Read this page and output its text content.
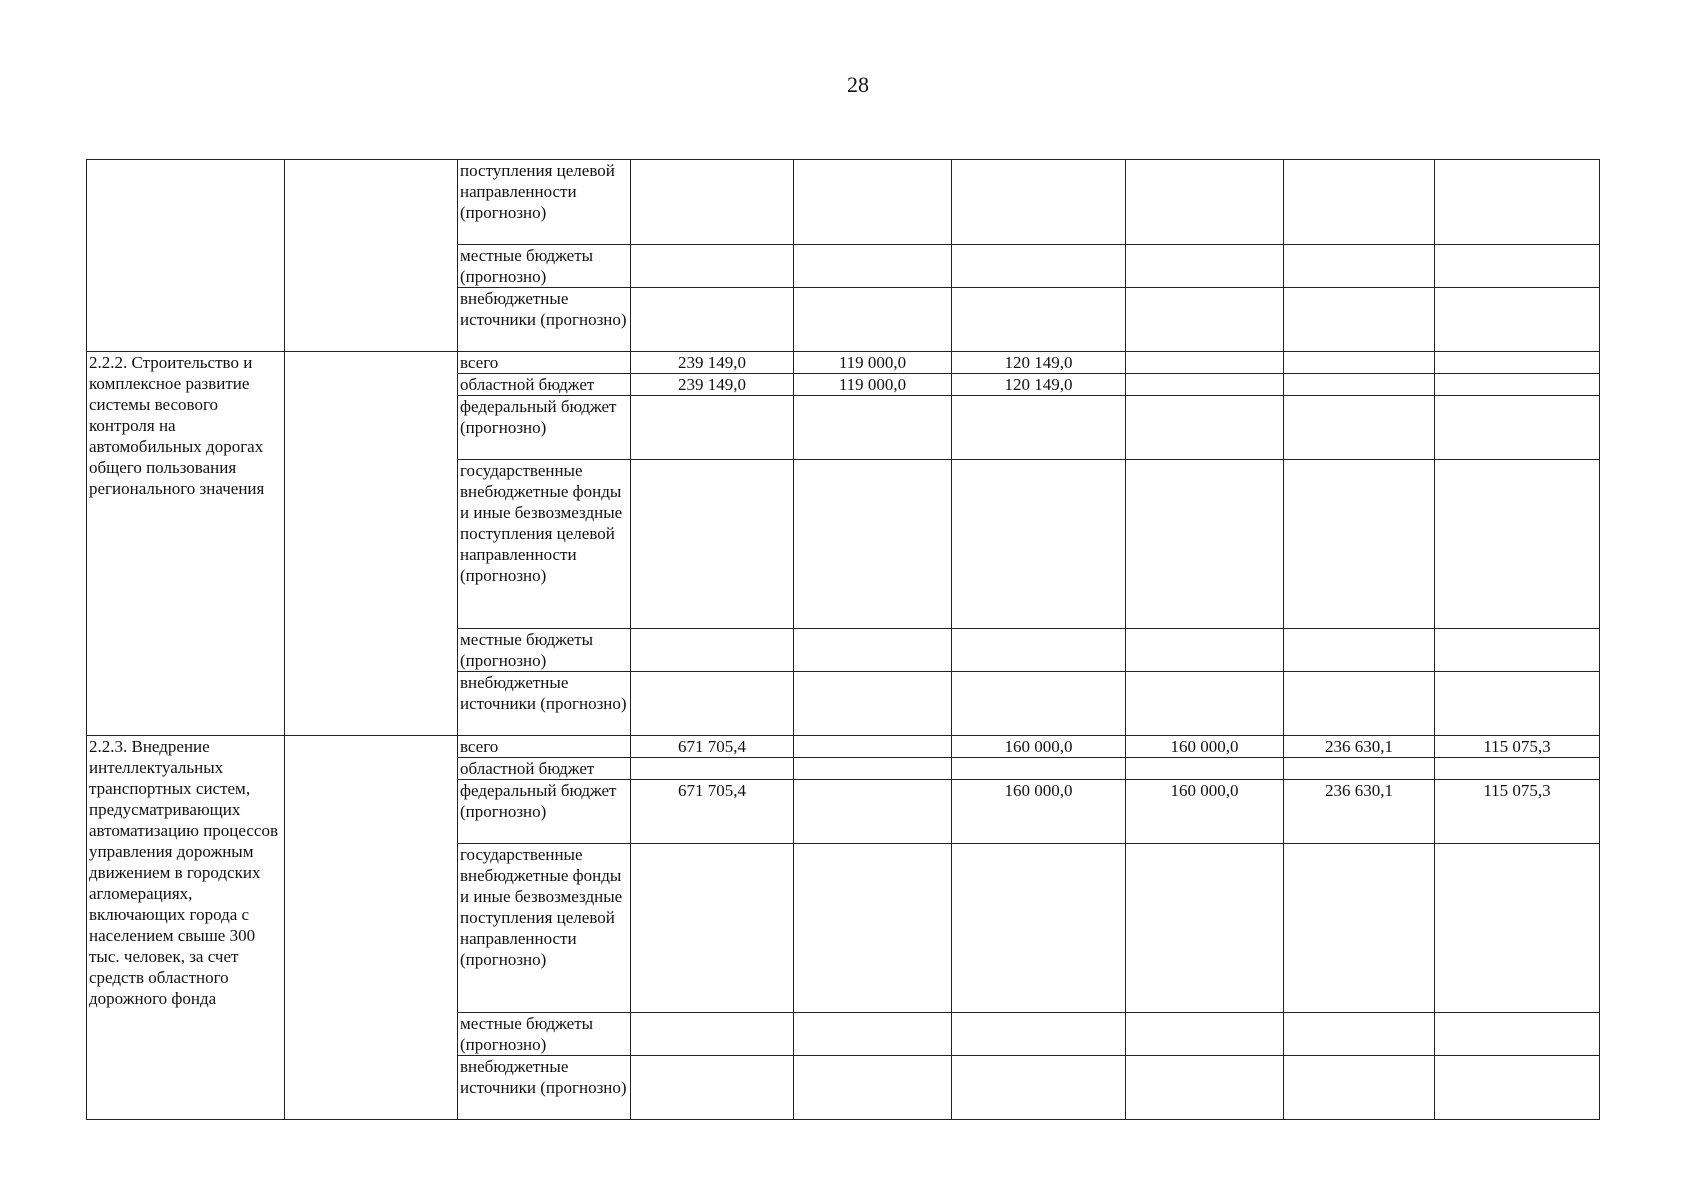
28
		поступления целевой направленности (прогнозно)						
		местные бюджеты (прогнозно)						
		внебюджетные источники (прогнозно)						
2.2.2. Строительство и комплексное развитие системы весового контроля на автомобильных дорогах общего пользования регионального значения		всего	239 149,0	119 000,0	120 149,0			
		областной бюджет	239 149,0	119 000,0	120 149,0			
		федеральный бюджет (прогнозно)						
		государственные внебюджетные фонды и иные безвозмездные поступления целевой направленности (прогнозно)						
		местные бюджеты (прогнозно)						
		внебюджетные источники (прогнозно)						
2.2.3. Внедрение интеллектуальных транспортных систем, предусматривающих автоматизацию процессов управления дорожным движением в городских агломерациях, включающих города с населением свыше 300 тыс. человек, за счет средств областного дорожного фонда		всего	671 705,4		160 000,0	160 000,0	236 630,1	115 075,3
		областной бюджет						
		федеральный бюджет (прогнозно)	671 705,4		160 000,0	160 000,0	236 630,1	115 075,3
		государственные внебюджетные фонды и иные безвозмездные поступления целевой направленности (прогнозно)						
		местные бюджеты (прогнозно)						
		внебюджетные источники (прогнозно)						
